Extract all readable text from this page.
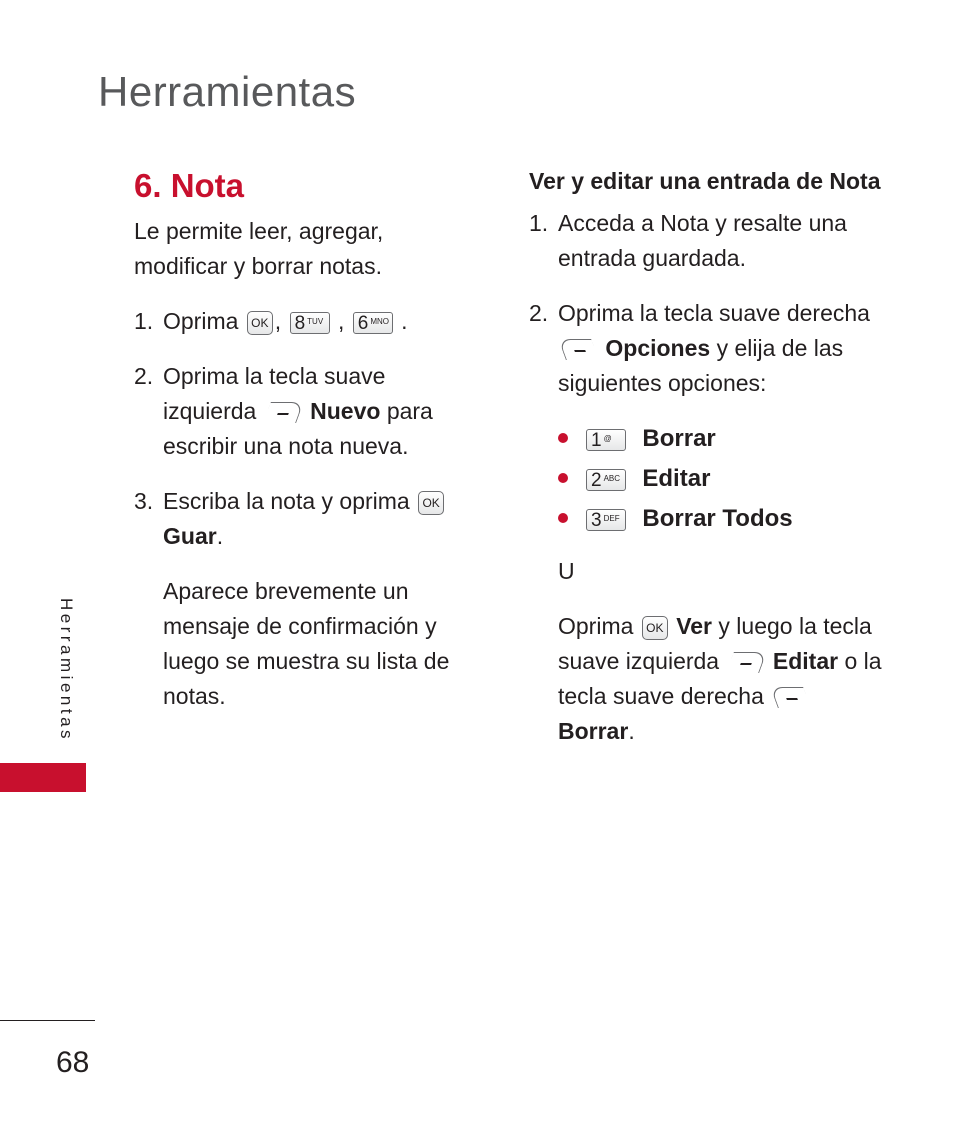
Herramientas
Herramientas
68
6. Nota

Le permite leer, agregar, modificar y borrar notas.

1. Oprima OK , 8 $^{TUV}$ , 6 $^{MNO}$ .
2. Oprima la tecla suave izquierda Nuevo para escribir una nota nueva.
3. Escriba la nota y oprima OK Guar.

Aparece brevemente un mensaje de confirmación y luego se muestra su lista de notas.

Ver y editar una entrada de Nota
1. Acceda a Nota y resalte una entrada guardada.
2. Oprima la tecla suave derecha  Opciones y elija de las siguientes opciones:
1 @ Borrar
2 $^{ABC}$ Editar
3 $^{DEF}$ Borrar Todos

U

Oprima OK Ver y luego la tecla suave izquierda Editar o la tecla suave derecha  Borrar.
